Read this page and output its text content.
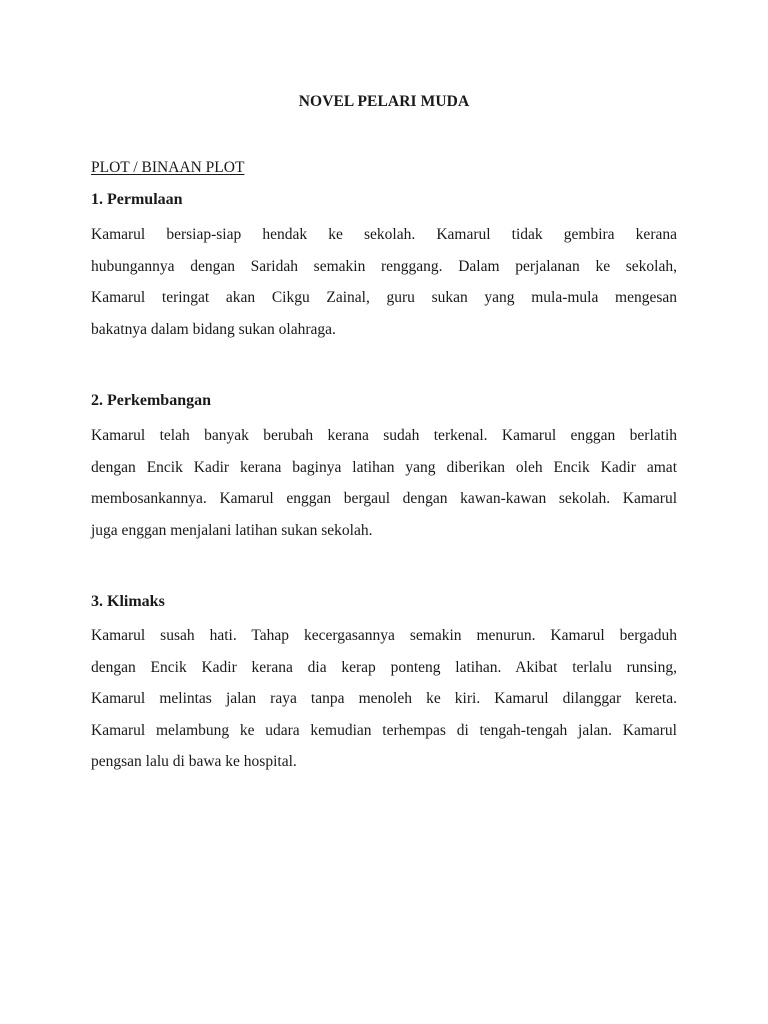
NOVEL PELARI MUDA
PLOT / BINAAN PLOT
1. Permulaan
Kamarul bersiap-siap hendak ke sekolah. Kamarul tidak gembira kerana
hubungannya dengan Saridah semakin renggang. Dalam perjalanan ke sekolah,
Kamarul teringat akan Cikgu Zainal, guru sukan yang mula-mula mengesan
bakatnya dalam bidang sukan olahraga.
2. Perkembangan
Kamarul telah banyak berubah kerana sudah terkenal. Kamarul enggan berlatih
dengan Encik Kadir kerana baginya latihan yang diberikan oleh Encik Kadir amat
membosankannya. Kamarul enggan bergaul dengan kawan-kawan sekolah. Kamarul
juga enggan menjalani latihan sukan sekolah.
3. Klimaks
Kamarul susah hati. Tahap kecergasannya semakin menurun. Kamarul bergaduh
dengan Encik Kadir kerana dia kerap ponteng latihan. Akibat terlalu runsing,
Kamarul melintas jalan raya tanpa menoleh ke kiri. Kamarul dilanggar kereta.
Kamarul melambung ke udara kemudian terhempas di tengah-tengah jalan. Kamarul
pengsan lalu di bawa ke hospital.
